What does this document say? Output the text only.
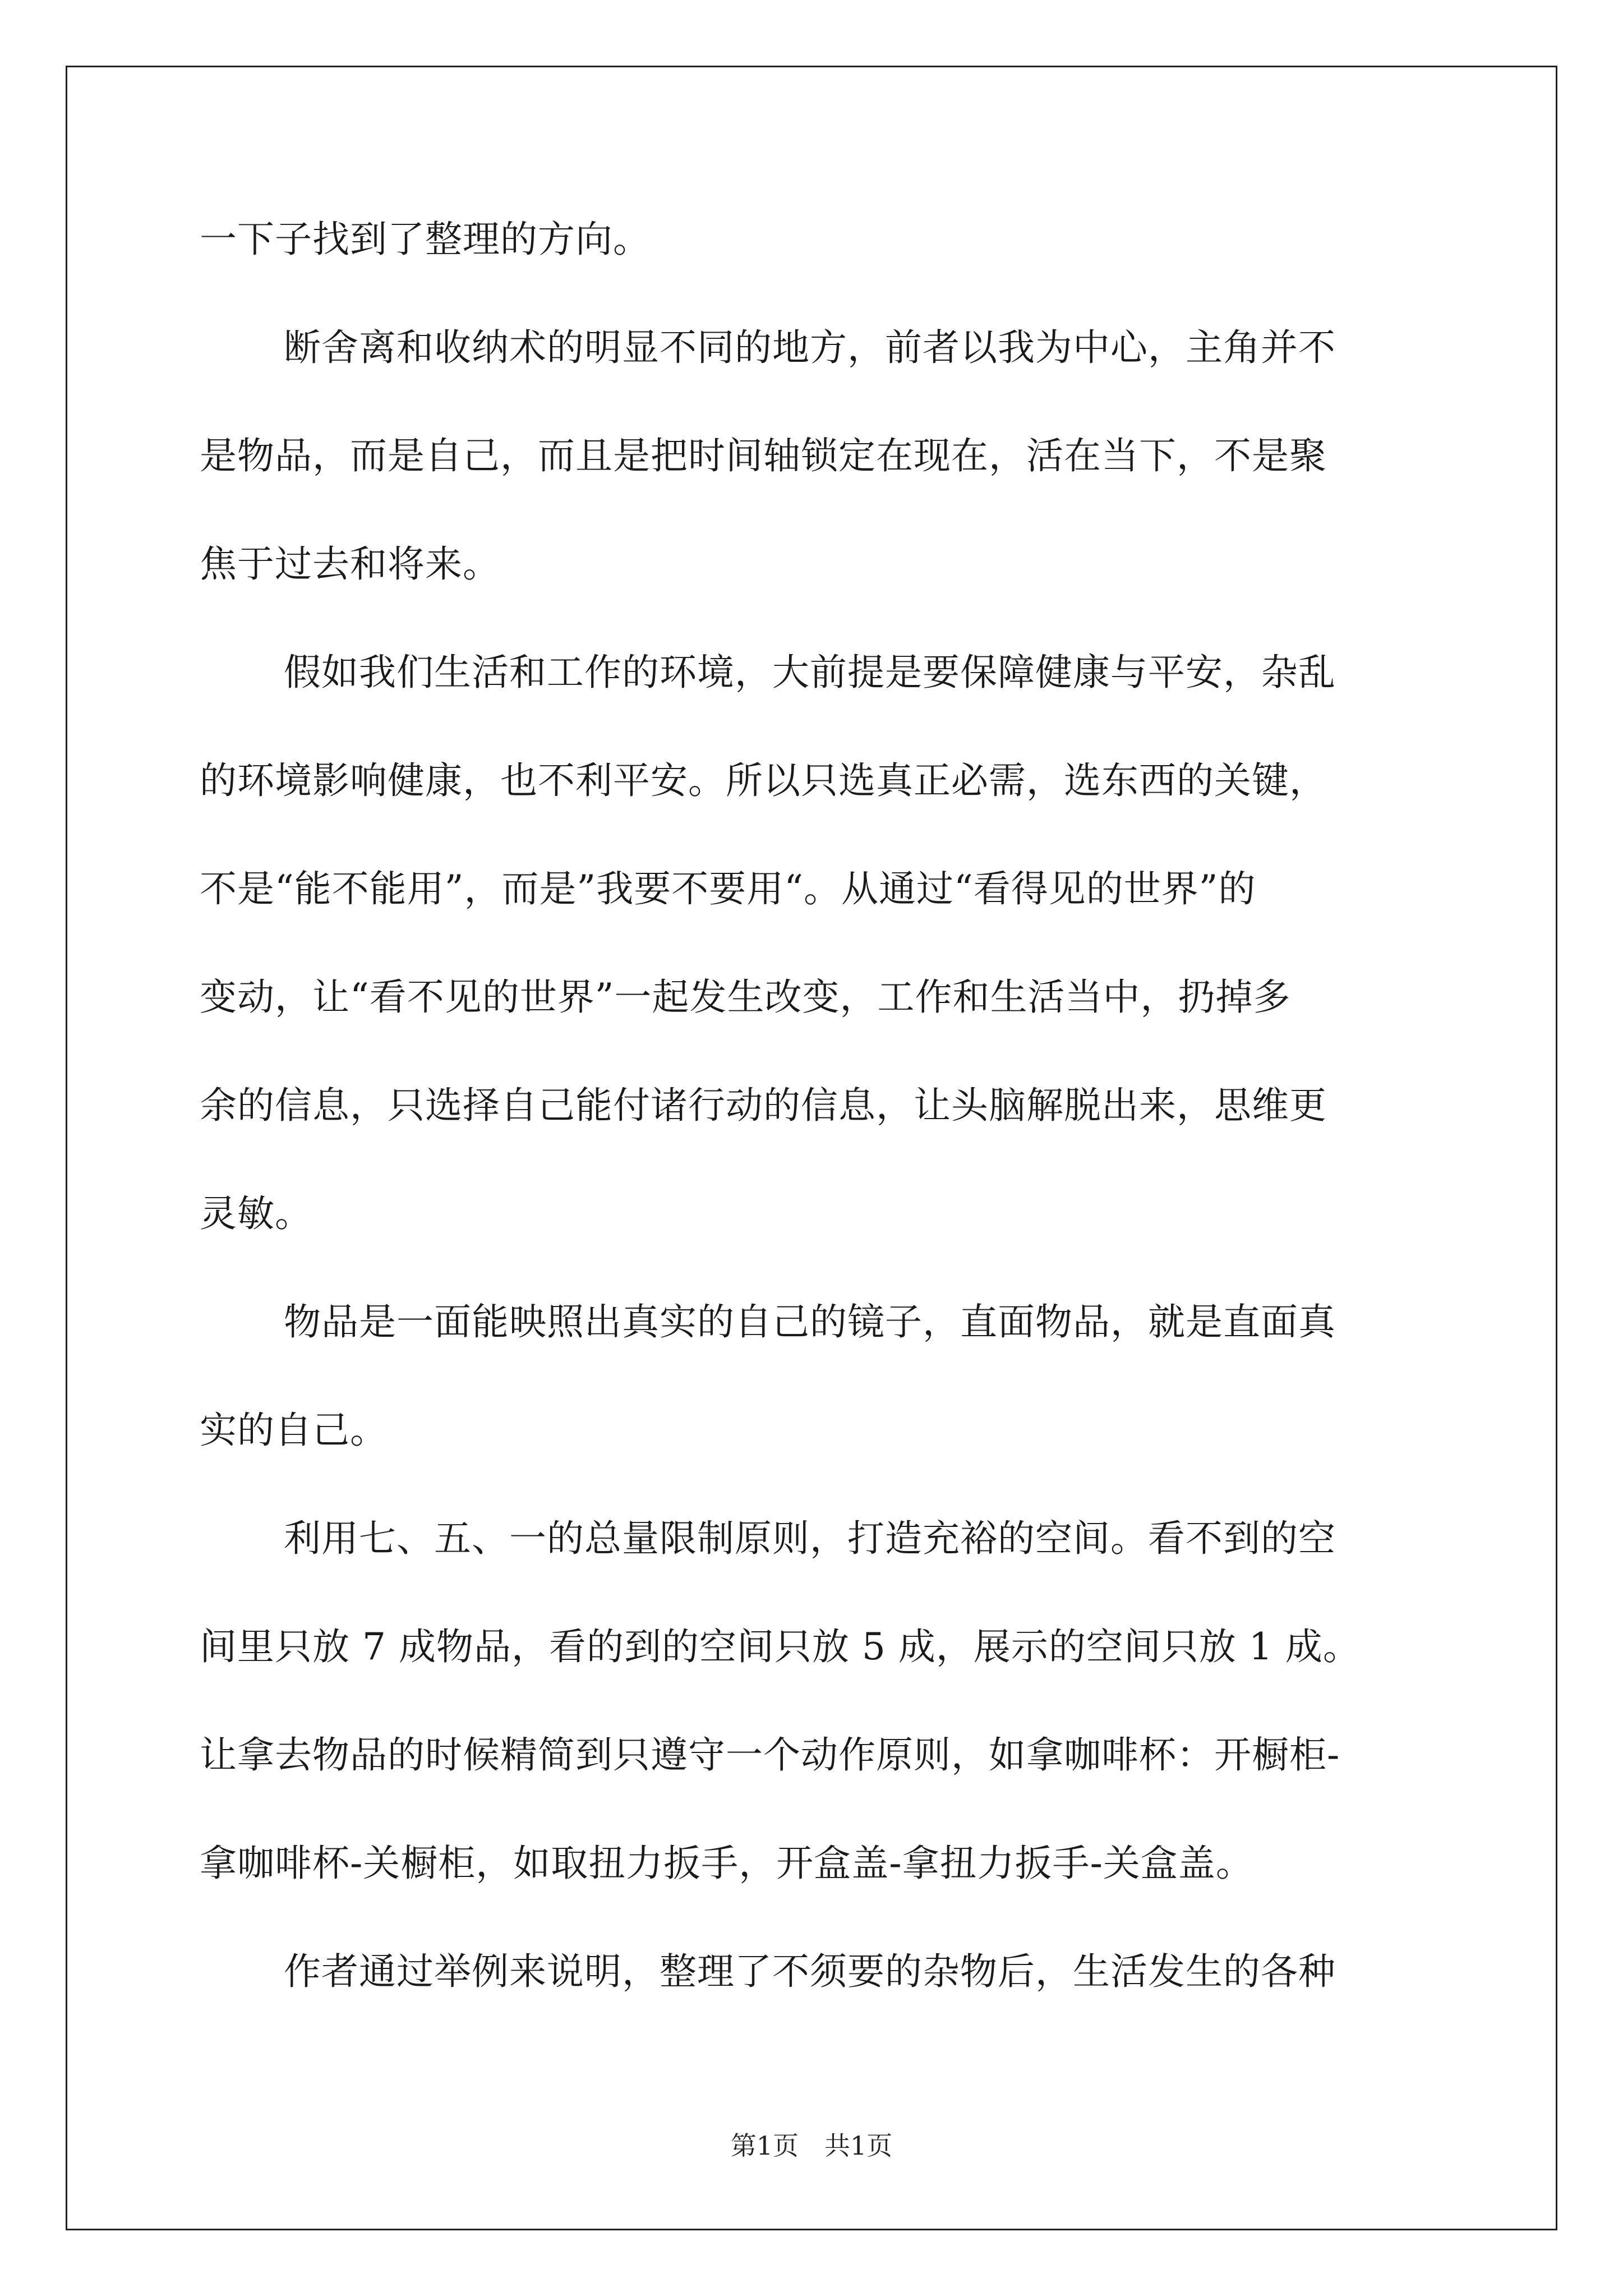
一下子找到了整理的方向。
断舍离和收纳术的明显不同的地方，前者以我为中心，主角并不
是物品，而是自己，而且是把时间轴锁定在现在，活在当下，不是聚
焦于过去和将来。
假如我们生活和工作的环境，大前提是要保障健康与平安，杂乱
的环境影响健康，也不利平安。所以只选真正必需，选东西的关键，
不是“能不能用”，而是”我要不要用“。从通过“看得见的世界”的
变动，让“看不见的世界”一起发生改变，工作和生活当中，扔掉多
余的信息，只选择自己能付诸行动的信息，让头脑解脱出来，思维更
灵敏。
物品是一面能映照出真实的自己的镜子，直面物品，就是直面真
实的自己。
利用七、五、一的总量限制原则，打造充裕的空间。看不到的空
间里只放 7 成物品，看的到的空间只放 5 成，展示的空间只放 1 成。
让拿去物品的时候精简到只遵守一个动作原则，如拿咖啡杯：开橱柜-
拿咖啡杯-关橱柜，如取扭力扳手，开盒盖-拿扭力扳手-关盒盖。
作者通过举例来说明，整理了不须要的杂物后，生活发生的各种
第1页　共1页
